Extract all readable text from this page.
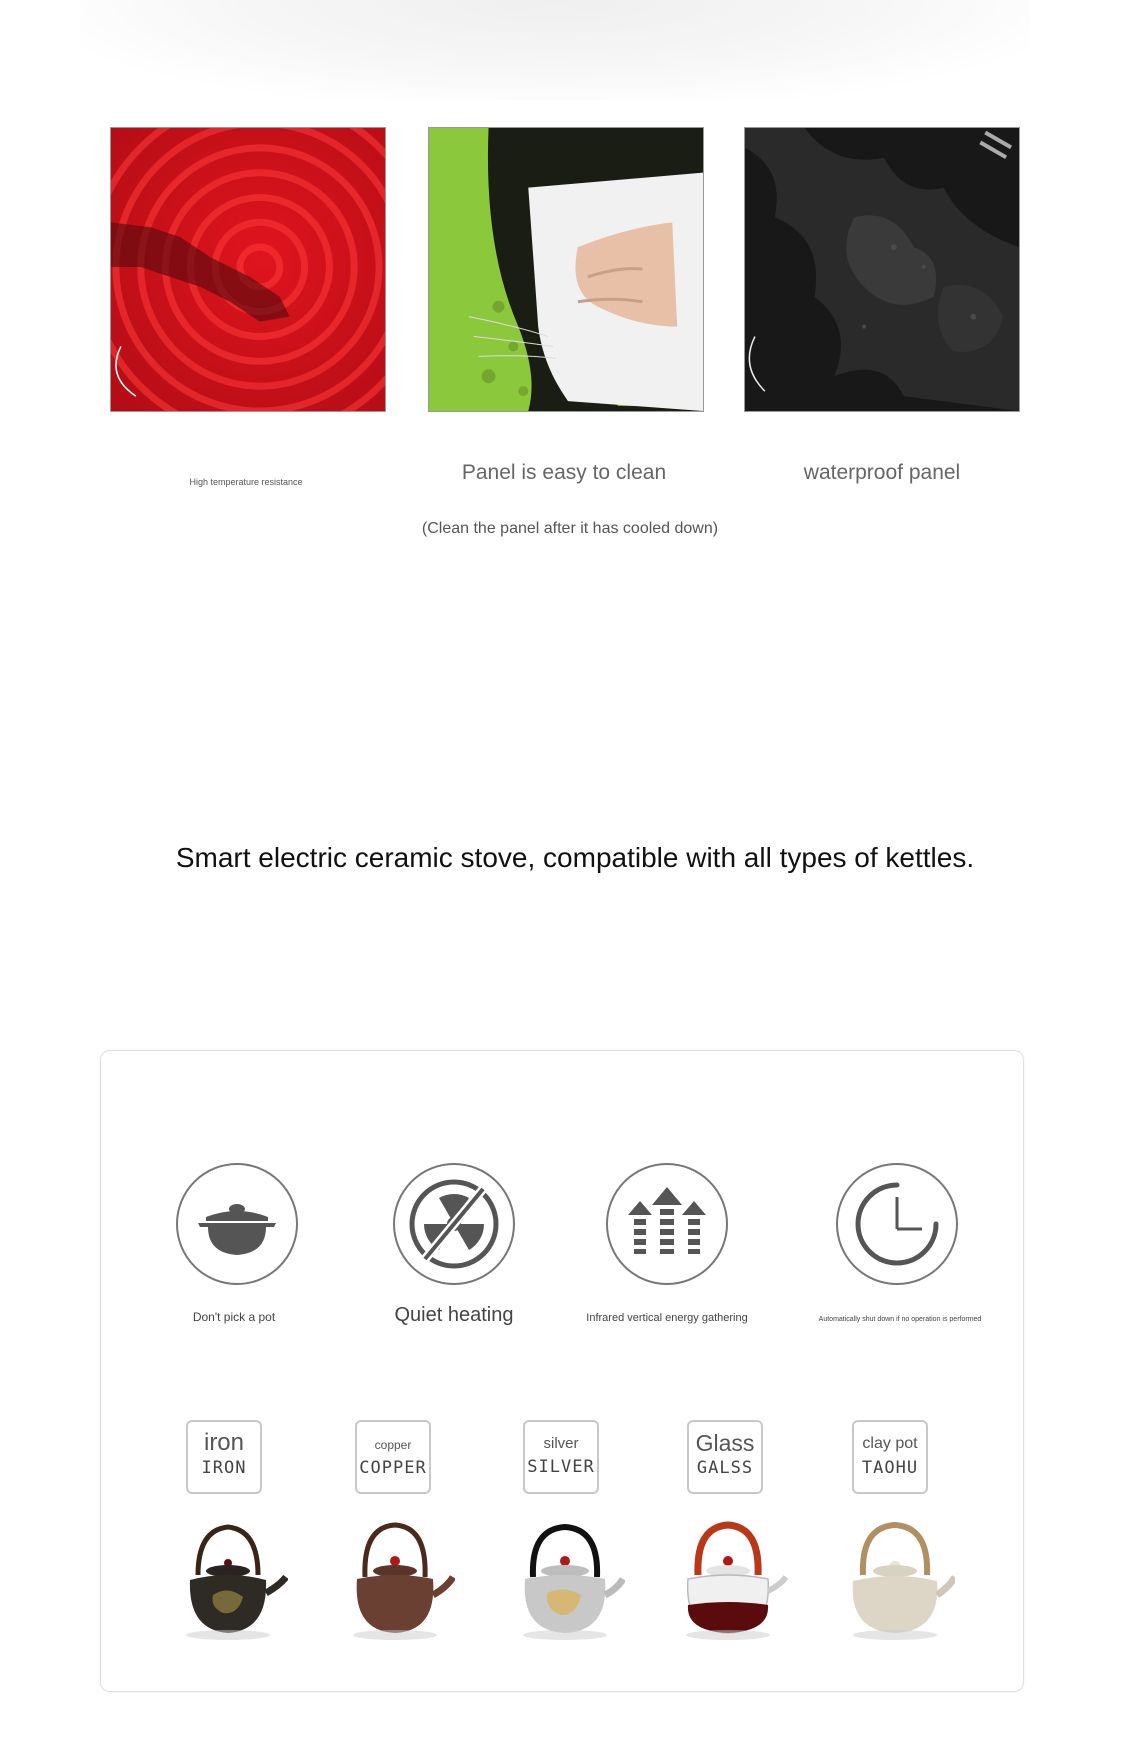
High temperature resistance	Panel is easy to clean	waterproof panel
(Clean the panel after it has cooled down)
Smart electric ceramic stove, compatible with all types of kettles.
Don't pick a pot	Quiet heating	Infrared vertical energy gathering	Automatically shut down if no operation is performed
iron
IRON
copper
COPPER
silver
SILVER
Glass
GALSS
clay pot
TAOHU
